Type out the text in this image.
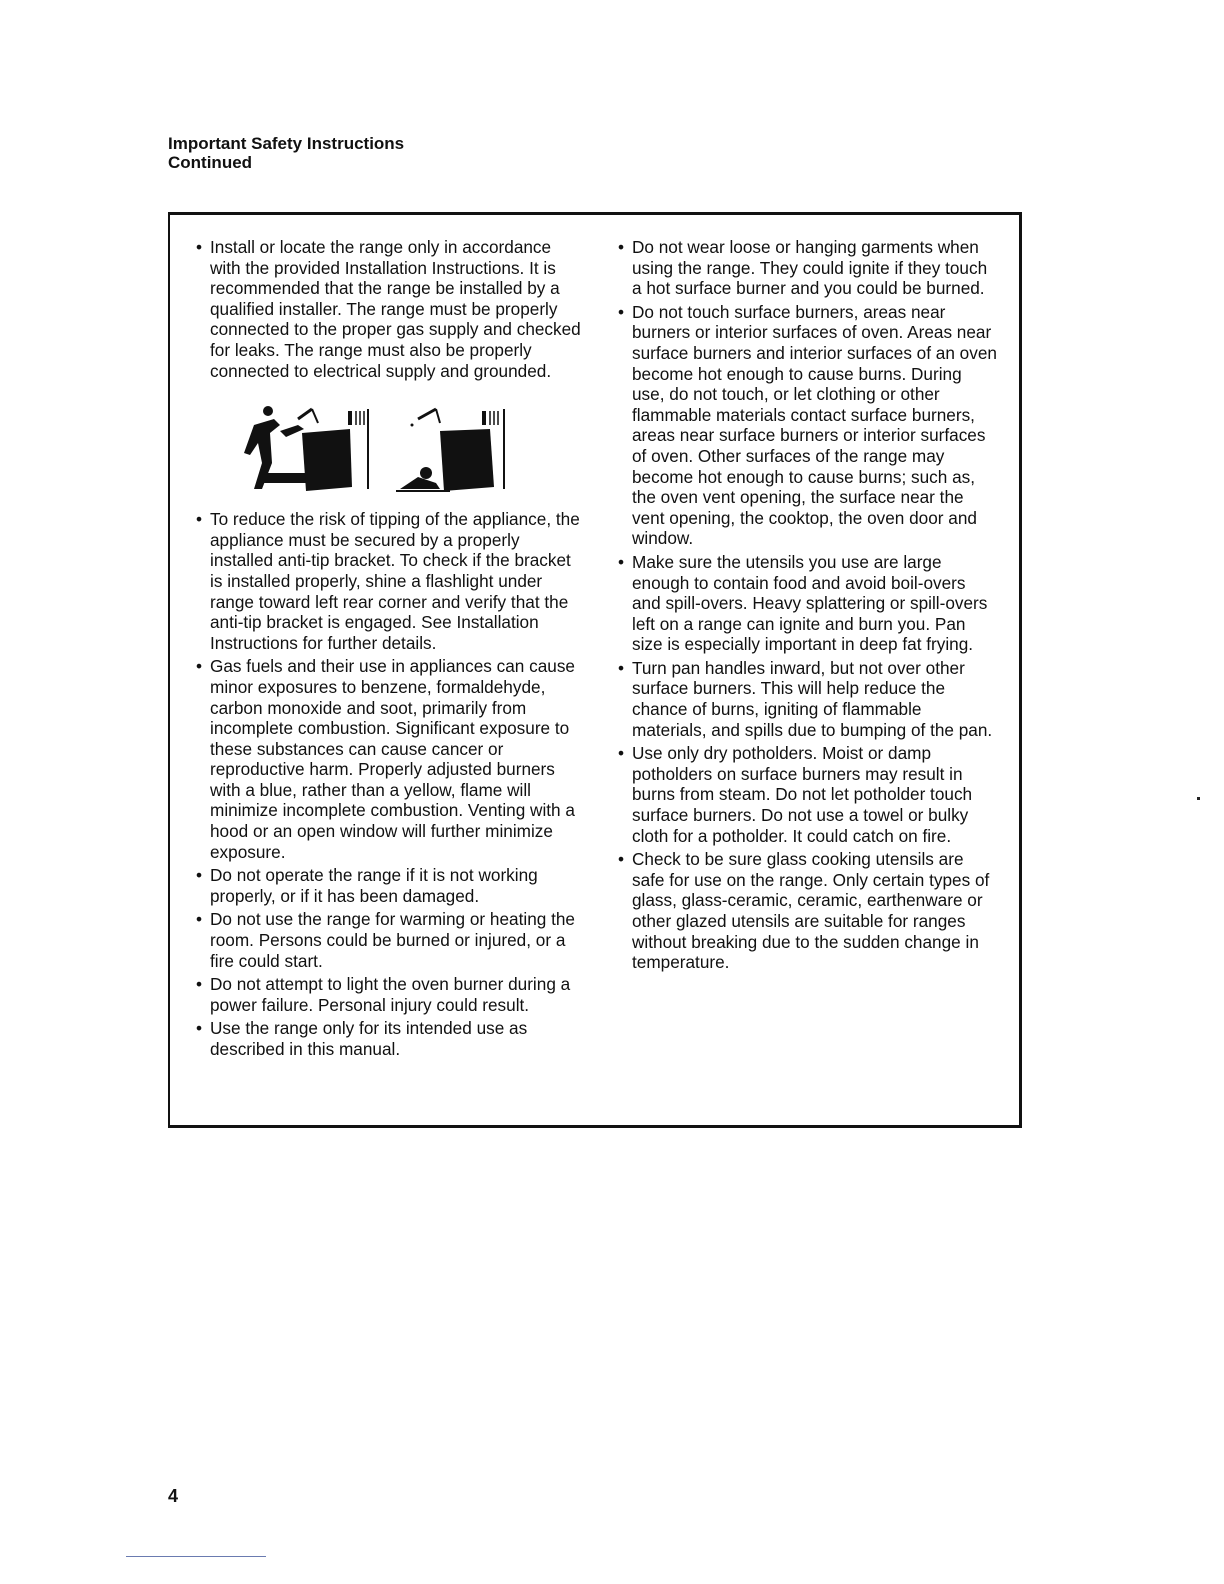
Important Safety Instructions
Continued
• Install or locate the range only in accordance with the provided Installation Instructions. It is recommended that the range be installed by a qualified installer. The range must be properly connected to the proper gas supply and checked for leaks. The range must also be properly connected to electrical supply and grounded.
• To reduce the risk of tipping of the appliance, the appliance must be secured by a properly installed anti-tip bracket. To check if the bracket is installed properly, shine a flashlight under range toward left rear corner and verify that the anti-tip bracket is engaged. See Installation Instructions for further details.
• Gas fuels and their use in appliances can cause minor exposures to benzene, formaldehyde, carbon monoxide and soot, primarily from incomplete combustion. Significant exposure to these substances can cause cancer or reproductive harm. Properly adjusted burners with a blue, rather than a yellow, flame will minimize incomplete combustion. Venting with a hood or an open window will further minimize exposure.
• Do not operate the range if it is not working properly, or if it has been damaged.
• Do not use the range for warming or heating the room. Persons could be burned or injured, or a fire could start.
• Do not attempt to light the oven burner during a power failure. Personal injury could result.
• Use the range only for its intended use as described in this manual.
• Do not wear loose or hanging garments when using the range. They could ignite if they touch a hot surface burner and you could be burned.
• Do not touch surface burners, areas near burners or interior surfaces of oven. Areas near surface burners and interior surfaces of an oven become hot enough to cause burns. During use, do not touch, or let clothing or other flammable materials contact surface burners, areas near surface burners or interior surfaces of oven. Other surfaces of the range may become hot enough to cause burns; such as, the oven vent opening, the surface near the vent opening, the cooktop, the oven door and window.
• Make sure the utensils you use are large enough to contain food and avoid boil-overs and spill-overs. Heavy splattering or spill-overs left on a range can ignite and burn you. Pan size is especially important in deep fat frying.
• Turn pan handles inward, but not over other surface burners. This will help reduce the chance of burns, igniting of flammable materials, and spills due to bumping of the pan.
• Use only dry potholders. Moist or damp potholders on surface burners may result in burns from steam. Do not let potholder touch surface burners. Do not use a towel or bulky cloth for a potholder. It could catch on fire.
• Check to be sure glass cooking utensils are safe for use on the range. Only certain types of glass, glass-ceramic, ceramic, earthenware or other glazed utensils are suitable for ranges without breaking due to the sudden change in temperature.
4
